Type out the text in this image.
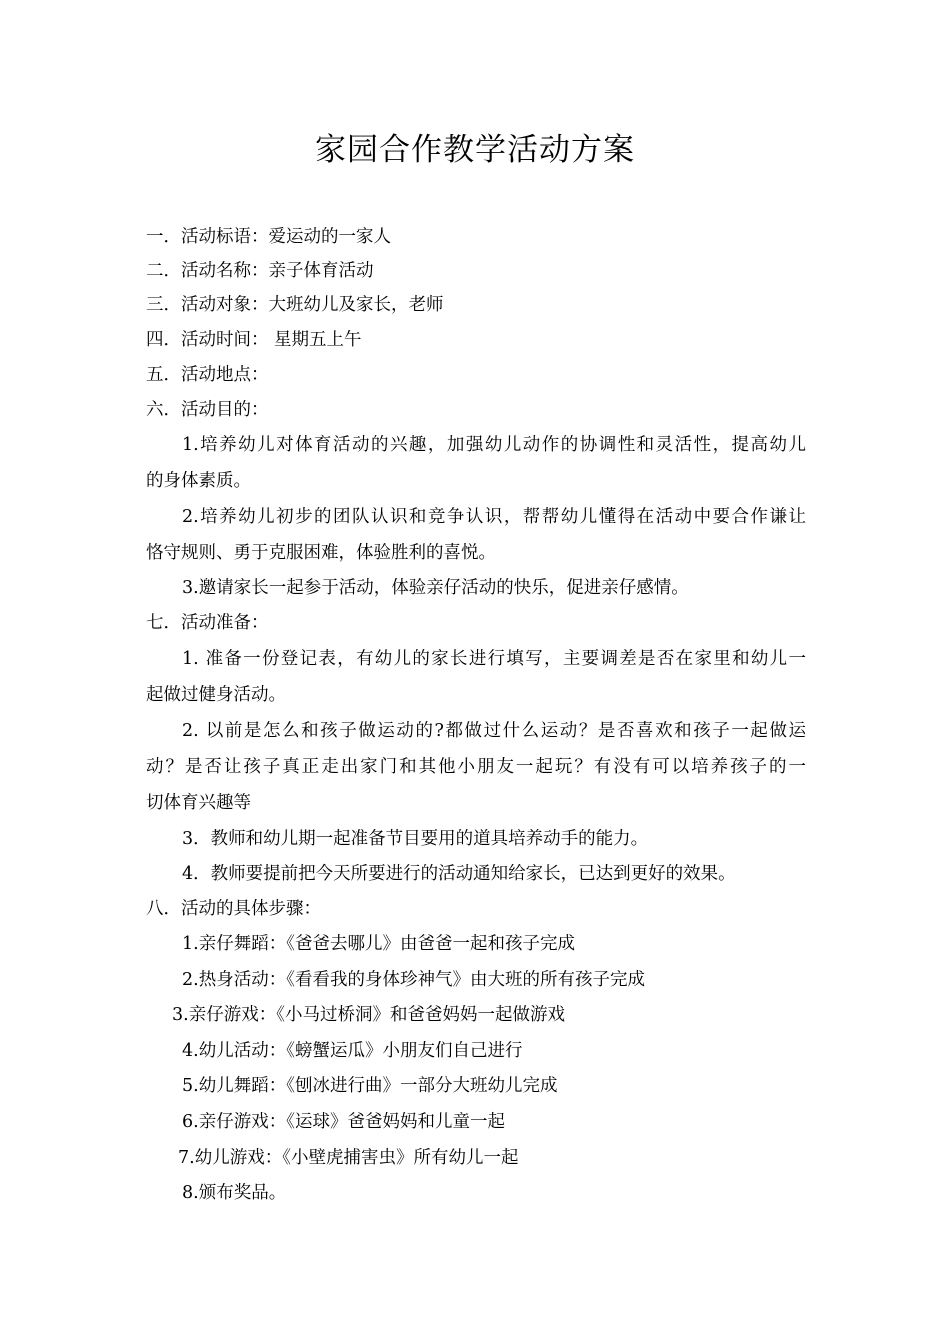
家园合作教学活动方案
一．活动标语：爱运动的一家人
二．活动名称：亲子体育活动
三．活动对象：大班幼儿及家长，老师
四．活动时间： 星期五上午
五．活动地点：
六．活动目的：
1.培养幼儿对体育活动的兴趣，加强幼儿动作的协调性和灵活性，提高幼儿
的身体素质。
2.培养幼儿初步的团队认识和竞争认识，帮帮幼儿懂得在活动中要合作谦让
恪守规则、勇于克服困难，体验胜利的喜悦。
3.邀请家长一起参于活动，体验亲仔活动的快乐，促进亲仔感情。
七．活动准备：
1. 准备一份登记表，有幼儿的家长进行填写，主要调差是否在家里和幼儿一
起做过健身活动。
2. 以前是怎么和孩子做运动的?都做过什么运动？是否喜欢和孩子一起做运
动？是否让孩子真正走出家门和其他小朋友一起玩？有没有可以培养孩子的一
切体育兴趣等
3．教师和幼儿期一起准备节目要用的道具培养动手的能力。
4．教师要提前把今天所要进行的活动通知给家长，已达到更好的效果。
八．活动的具体步骤：
1.亲仔舞蹈：《爸爸去哪儿》由爸爸一起和孩子完成
2.热身活动：《看看我的身体珍神气》由大班的所有孩子完成
3.亲仔游戏：《小马过桥洞》和爸爸妈妈一起做游戏
4.幼儿活动：《螃蟹运瓜》小朋友们自己进行
5.幼儿舞蹈：《刨冰进行曲》一部分大班幼儿完成
6.亲仔游戏：《运球》爸爸妈妈和儿童一起
7.幼儿游戏：《小壁虎捕害虫》所有幼儿一起
8.颁布奖品。
